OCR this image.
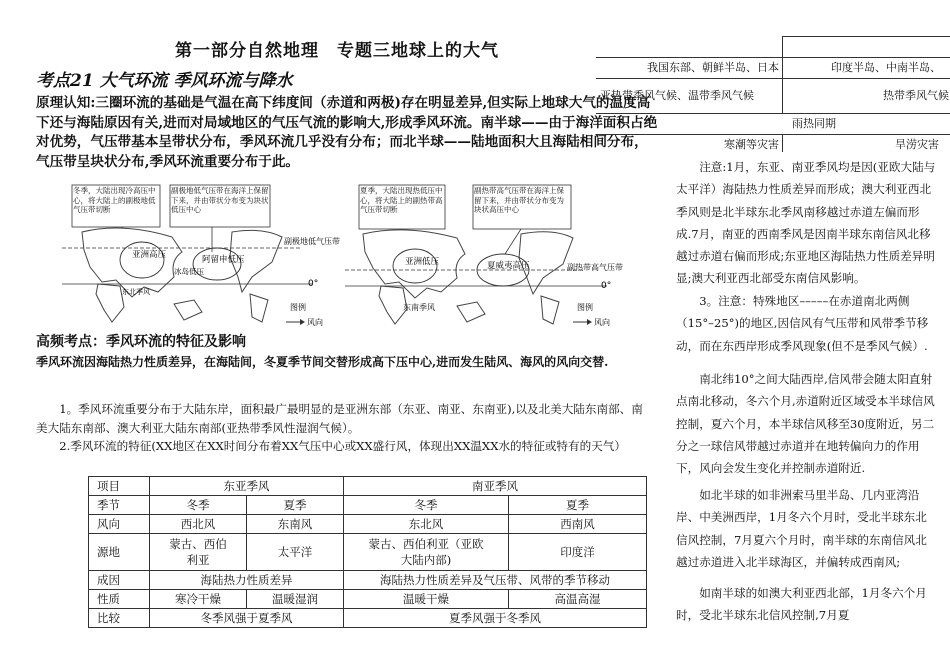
第一部分自然地理　专题三地球上的大气
考点21 大气环流 季风环流与降水
原理认知:三圈环流的基础是气温在高下纬度间（赤道和两极)存在明显差异,但实际上地球大气的温度高下还与海陆原因有关,进而对局域地区的气压气流的影响大,形成季风环流。南半球——由于海洋面积占绝对优势，气压带基本呈带状分布，季风环流几乎没有分布；而北半球——陆地面积大且海陆相间分布，气压带呈块状分布,季风环流重要分布于此。
冬季，大陆出现冷高压中心，将大陆上的副极地低气压带切断
副极地低气压带在海洋上保留下来，并由带状分布变为块状低压中心
亚洲高压	阿留申低压
冰岛低压
东北季风
副极地低气压带
0°
图例
风向
夏季，大陆出现热低压中心，将大陆上的副热带高气压带切断
副热带高气压带在海洋上保留下来，并由带状分布变为块状高压中心
亚洲低压	夏威夷高压
东南季风
副热带高气压带
0°
图例
风向
高频考点：季风环流的特征及影响
季风环流因海陆热力性质差异，在海陆间，冬夏季节间交替形成高下压中心,进而发生陆风、海风的风向交替.
1。季风环流重要分布于大陆东岸，面积最广最明显的是亚洲东部（东亚、南亚、东南亚),以及北美大陆东南部、南美大陆东南部、澳大利亚大陆东南部(亚热带季风性湿润气候）。
2.季风环流的特征(XX地区在XX时间分布着XX气压中心或XX盛行风，体现出XX温XX水的特征或特有的天气）
项目	东亚季风		南亚季风	
季节	冬季	夏季	冬季	夏季
风向	西北风	东南风	东北风	西南风
源地	蒙古、西伯利亚	太平洋	蒙古、西伯利亚（亚欧大陆内部)	印度洋
成因	海陆热力性质差异		海陆热力性质差异及气压带、风带的季节移动	
性质	寒冷干燥	温暖湿润	温暖干燥	高温高湿
比较	冬季风强于夏季风		夏季风强于冬季风	

我国东部、朝鲜半岛、日本	印度半岛、中南半岛、
亚热带季风气候、温带季风气候	热带季风气候
雨热同期	
寒潮等灾害	旱涝灾害
注意:1月，东亚、南亚季风均是因(亚欧大陆与太平洋）海陆热力性质差异而形成；澳大利亚西北季风则是北半球东北季风南移越过赤道左偏而形成.7月，南亚的西南季风是因南半球东南信风北移越过赤道右偏而形成;东亚地区海陆热力性质差异明显;澳大利亚西北部受东南信风影响。
3。注意：特殊地区–––––在赤道南北两侧（15°–25°)的地区,因信风有气压带和风带季节移动，而在东西岸形成季风现象(但不是季风气候）.
南北纬10°之间大陆西岸,信风带会随太阳直射点南北移动，冬六个月,赤道附近区域受本半球信风控制，夏六个月，本半球信风移至30度附近，另二分之一球信风带越过赤道并在地转偏向力的作用下，风向会发生变化并控制赤道附近.
如北半球的如非洲索马里半岛、几内亚湾沿岸、中美洲西岸，1月冬六个月时，受北半球东北信风控制，7月夏六个月时，南半球的东南信风北越过赤道进入北半球海区，并偏转成西南风;
如南半球的如澳大利亚西北部，1月冬六个月时，受北半球东北信风控制,7月夏
